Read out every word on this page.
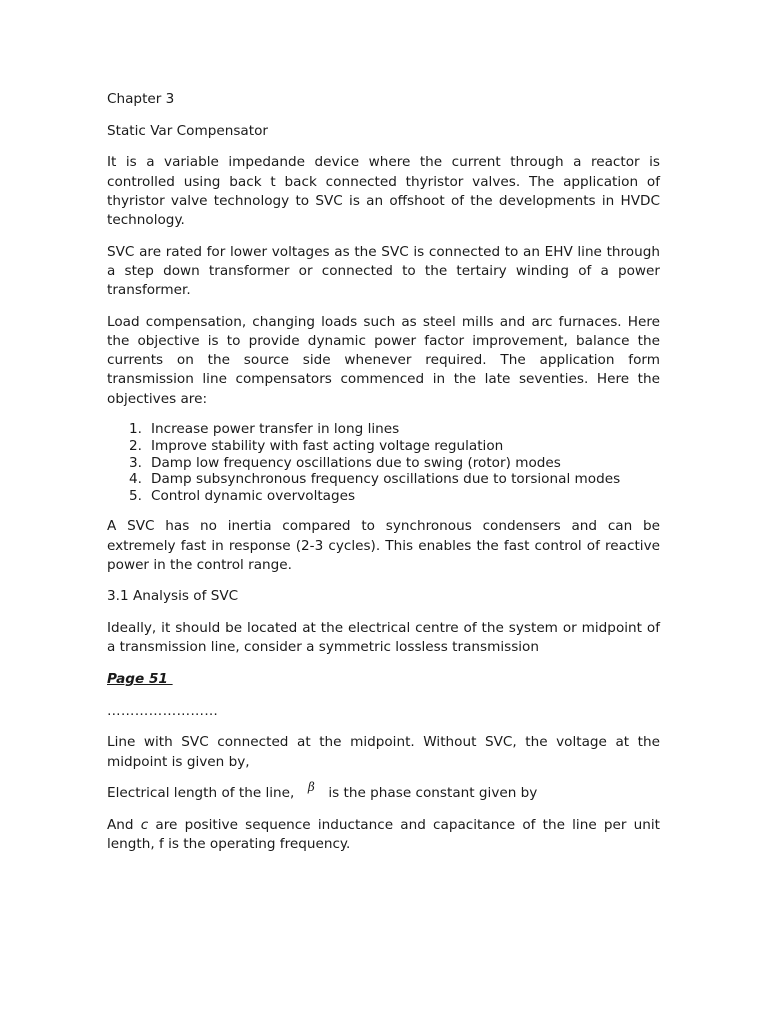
Chapter 3
Static Var Compensator
It is a variable impedande device where the current through a reactor is controlled using back t back connected thyristor valves. The application of thyristor valve technology to SVC is an offshoot of the developments in HVDC technology.
SVC are rated for lower voltages as the SVC is connected to an EHV line through a step down transformer or connected to the tertairy winding of a power transformer.
Load compensation, changing loads such as steel mills and arc furnaces. Here the objective is to provide dynamic power factor improvement, balance the currents on the source side whenever required. The application form transmission line compensators commenced in the late seventies. Here the objectives are:
1. Increase power transfer in long lines
2. Improve stability with fast acting voltage regulation
3. Damp low frequency oscillations due to swing (rotor) modes
4. Damp subsynchronous frequency oscillations due to torsional modes
5. Control dynamic overvoltages
A SVC has no inertia compared to synchronous condensers and can be extremely fast in response (2-3 cycles). This enables the fast control of reactive power in the control range.
3.1 Analysis of SVC
Ideally, it should be located at the electrical centre of the system or midpoint of a transmission line, consider a symmetric lossless transmission
Page 51
……………………
Line with SVC connected at the midpoint. Without SVC, the voltage at the midpoint is given by,
Electrical length of the line, β is the phase constant given by
And c are positive sequence inductance and capacitance of the line per unit length, f is the operating frequency.
